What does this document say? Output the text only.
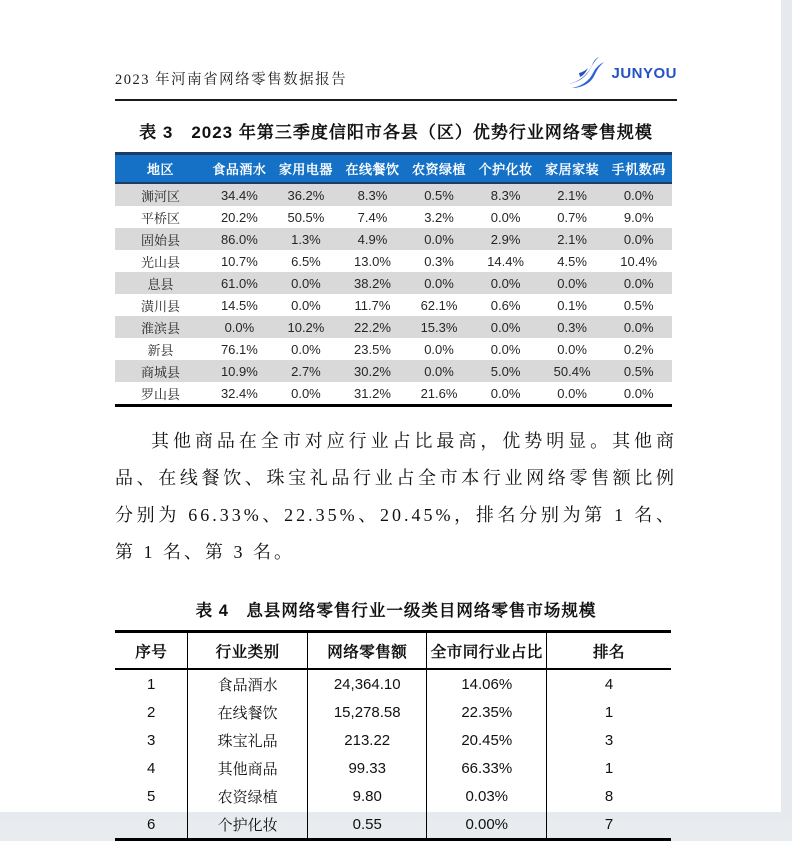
2023 年河南省网络零售数据报告	JUNYOU
表 3　2023 年第三季度信阳市各县（区）优势行业网络零售规模
地区	食品酒水	家用电器	在线餐饮	农资绿植	个护化妆	家居家装	手机数码
浉河区	34.4%	36.2%	8.3%	0.5%	8.3%	2.1%	0.0%
平桥区	20.2%	50.5%	7.4%	3.2%	0.0%	0.7%	9.0%
固始县	86.0%	1.3%	4.9%	0.0%	2.9%	2.1%	0.0%
光山县	10.7%	6.5%	13.0%	0.3%	14.4%	4.5%	10.4%
息县	61.0%	0.0%	38.2%	0.0%	0.0%	0.0%	0.0%
潢川县	14.5%	0.0%	11.7%	62.1%	0.6%	0.1%	0.5%
淮滨县	0.0%	10.2%	22.2%	15.3%	0.0%	0.3%	0.0%
新县	76.1%	0.0%	23.5%	0.0%	0.0%	0.0%	0.2%
商城县	10.9%	2.7%	30.2%	0.0%	5.0%	50.4%	0.5%
罗山县	32.4%	0.0%	31.2%	21.6%	0.0%	0.0%	0.0%

其他商品在全市对应行业占比最高，优势明显。其他商品、在线餐饮、珠宝礼品行业占全市本行业网络零售额比例分别为 66.33%、22.35%、20.45%，排名分别为第 1 名、第 1 名、第 3 名。

表 4　息县网络零售行业一级类目网络零售市场规模
序号	行业类别	网络零售额	全市同行业占比	排名
1	食品酒水	24,364.10	14.06%	4
2	在线餐饮	15,278.58	22.35%	1
3	珠宝礼品	213.22	20.45%	3
4	其他商品	99.33	66.33%	1
5	农资绿植	9.80	0.03%	8
6	个护化妆	0.55	0.00%	7
